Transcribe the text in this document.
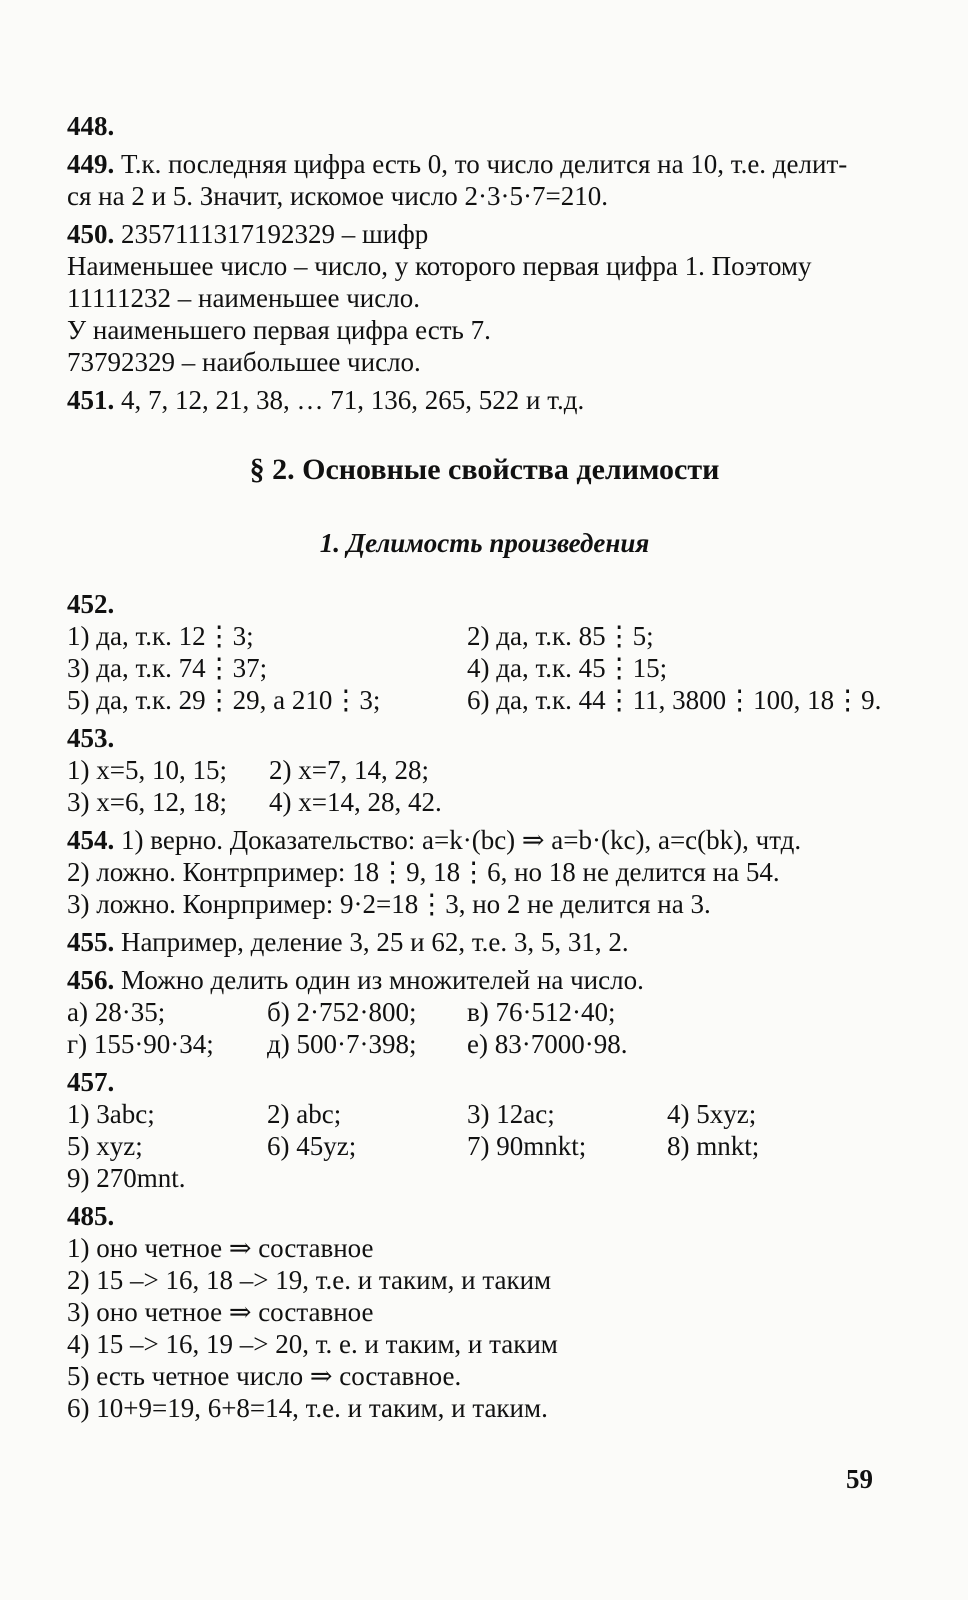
448.
449. Т.к. последняя цифра есть 0, то число делится на 10, т.е. делит-
ся на 2 и 5. Значит, искомое число 2·3·5·7=210.
450. 2357111317192329 – шифр
Наименьшее число – число, у которого первая цифра 1. Поэтому
11111232 – наименьшее число.
У наименьшего первая цифра есть 7.
73792329 – наибольшее число.
451. 4, 7, 12, 21, 38, … 71, 136, 265, 522 и т.д.
§ 2. Основные свойства делимости
1. Делимость произведения
452.
1) да, т.к. 12⋮3;	2) да, т.к. 85⋮5;
3) да, т.к. 74⋮37;	4) да, т.к. 45⋮15;
5) да, т.к. 29⋮29, а 210⋮3;	6) да, т.к. 44⋮11, 3800⋮100, 18⋮9.
453.
1) x=5, 10, 15;	2) x=7, 14, 28;
3) x=6, 12, 18;	4) x=14, 28, 42.
454. 1) верно. Доказательство: a=k·(bc) ⇒ a=b·(kc), a=c(bk), чтд.
2) ложно. Контрпример: 18⋮9, 18⋮6, но 18 не делится на 54.
3) ложно. Конрпример: 9·2=18⋮3, но 2 не делится на 3.
455. Например, деление 3, 25 и 62, т.е. 3, 5, 31, 2.
456. Можно делить один из множителей на число.
а) 28·35;	б) 2·752·800;	в) 76·512·40;
г) 155·90·34;	д) 500·7·398;	е) 83·7000·98.
457.
1) 3abc;	2) abc;	3) 12ac;	4) 5xyz;
5) xyz;	6) 45yz;	7) 90mnkt;	8) mnkt;
9) 270mnt.
485.
1) оно четное ⇒ составное
2) 15 –> 16, 18 –> 19, т.е. и таким, и таким
3) оно четное ⇒ составное
4) 15 –> 16, 19 –> 20, т. е. и таким, и таким
5) есть четное число ⇒ составное.
6) 10+9=19, 6+8=14, т.е. и таким, и таким.
59
